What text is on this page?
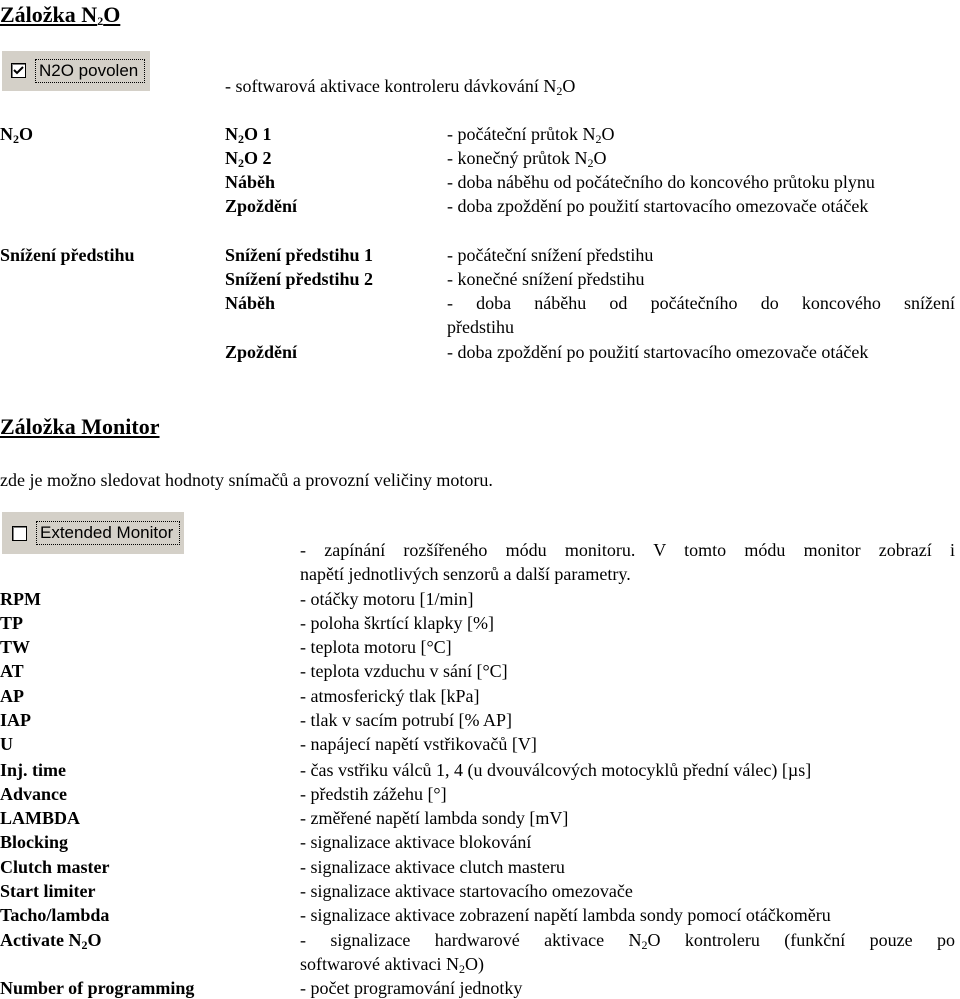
Záložka $N_2O$
N2O povolen
- softwarová aktivace kontroleru dávkování $N_2O$
$N_2O$	$N_2O$ 1	- počáteční průtok $N_2O$
$N_2O$ 2	- konečný průtok $N_2O$
Náběh	- doba náběhu od počátečního do koncového průtoku plynu
Zpoždění	- doba zpoždění po použití startovacího omezovače otáček
Snížení předstihu	Snížení předstihu 1	- počáteční snížení předstihu
Snížení předstihu 2	- konečné snížení předstihu
Náběh	- doba náběhu od počátečního do koncového snížení
předstihu
Zpoždění	- doba zpoždění po použití startovacího omezovače otáček
Záložka Monitor
zde je možno sledovat hodnoty snímačů a provozní veličiny motoru.
Extended Monitor
- zapínání rozšířeného módu monitoru. V tomto módu monitor zobrazí i
napětí jednotlivých senzorů a další parametry.
RPM	- otáčky motoru [1/min]
TP	- poloha škrtící klapky [%]
TW	- teplota motoru [°C]
AT	- teplota vzduchu v sání [°C]
AP	- atmosferický tlak [kPa]
IAP	- tlak v sacím potrubí [% AP]
U	- napájecí napětí vstřikovačů [V]
Inj. time	- čas vstřiku válců 1, 4 (u dvouválcových motocyklů přední válec) [µs]
Advance	- předstih zážehu [°]
LAMBDA	- změřené napětí lambda sondy [mV]
Blocking	- signalizace aktivace blokování
Clutch master	- signalizace aktivace clutch masteru
Start limiter	- signalizace aktivace startovacího omezovače
Tacho/lambda	- signalizace aktivace zobrazení napětí lambda sondy pomocí otáčkoměru
Activate $N_2O$	- signalizace hardwarové aktivace $N_2O$ kontroleru (funkční pouze po
softwarové aktivaci $N_2O$)
Number of programming	- počet programování jednotky
